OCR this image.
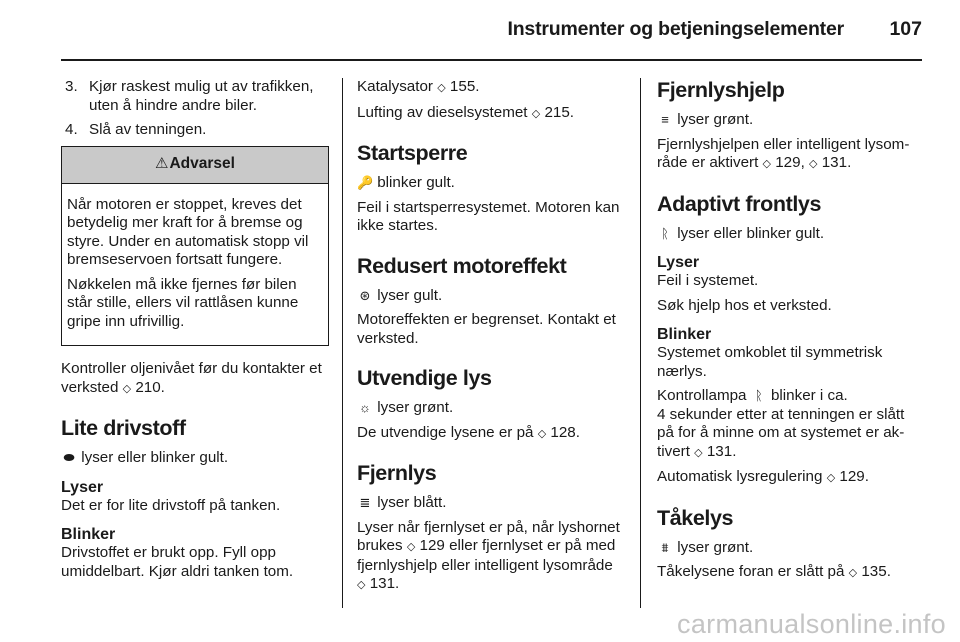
Instrumenter og betjeningselementer 107
3. Kjør raskest mulig ut av trafikken, uten å hindre andre biler.
4. Slå av tenningen.
⚠ Advarsel

Når motoren er stoppet, kreves det betydelig mer kraft for å bremse og styre. Under en automatisk stopp vil bremseservoen fortsatt fungere.

Nøkkelen må ikke fjernes før bilen står stille, ellers vil rattlåsen kunne gripe inn ufrivillig.

Kontroller oljenivået før du kontakter et verksted ◇ 210.

Lite drivstoff

⬬ lyser eller blinker gult.

Lyser

Det er for lite drivstoff på tanken.

Blinker

Drivstoffet er brukt opp. Fyll opp umiddelbart. Kjør aldri tanken tom.

Katalysator ◇ 155.

Lufting av dieselsystemet ◇ 215.

Startsperre

🔑 blinker gult.

Feil i startsperresystemet. Motoren kan ikke startes.

Redusert motoreffekt

⊛ lyser gult.

Motoreffekten er begrenset. Kontakt et verksted.

Utvendige lys

☼ lyser grønt.

De utvendige lysene er på ◇ 128.

Fjernlys

≣ lyser blått.

Lyser når fjernlyset er på, når lyshornet brukes ◇ 129 eller fjernlyset er på med fjernlyshjelp eller intelligent lysområde ◇ 131.

Fjernlyshjelp

≡ lyser grønt.

Fjernlyshjelpen eller intelligent lysområde er aktivert ◇ 129, ◇ 131.

Adaptivt frontlys

ᚱ lyser eller blinker gult.

Lyser

Feil i systemet.

Søk hjelp hos et verksted.

Blinker

Systemet omkoblet til symmetrisk nærlys.

Kontrollampa ᚱ blinker i ca.

4 sekunder etter at tenningen er slått på for å minne om at systemet er aktivert ◇ 131.

Automatisk lysregulering ◇ 129.

Tåkelys

⩩ lyser grønt.

Tåkelysene foran er slått på ◇ 135.

carmanualsonline.info
